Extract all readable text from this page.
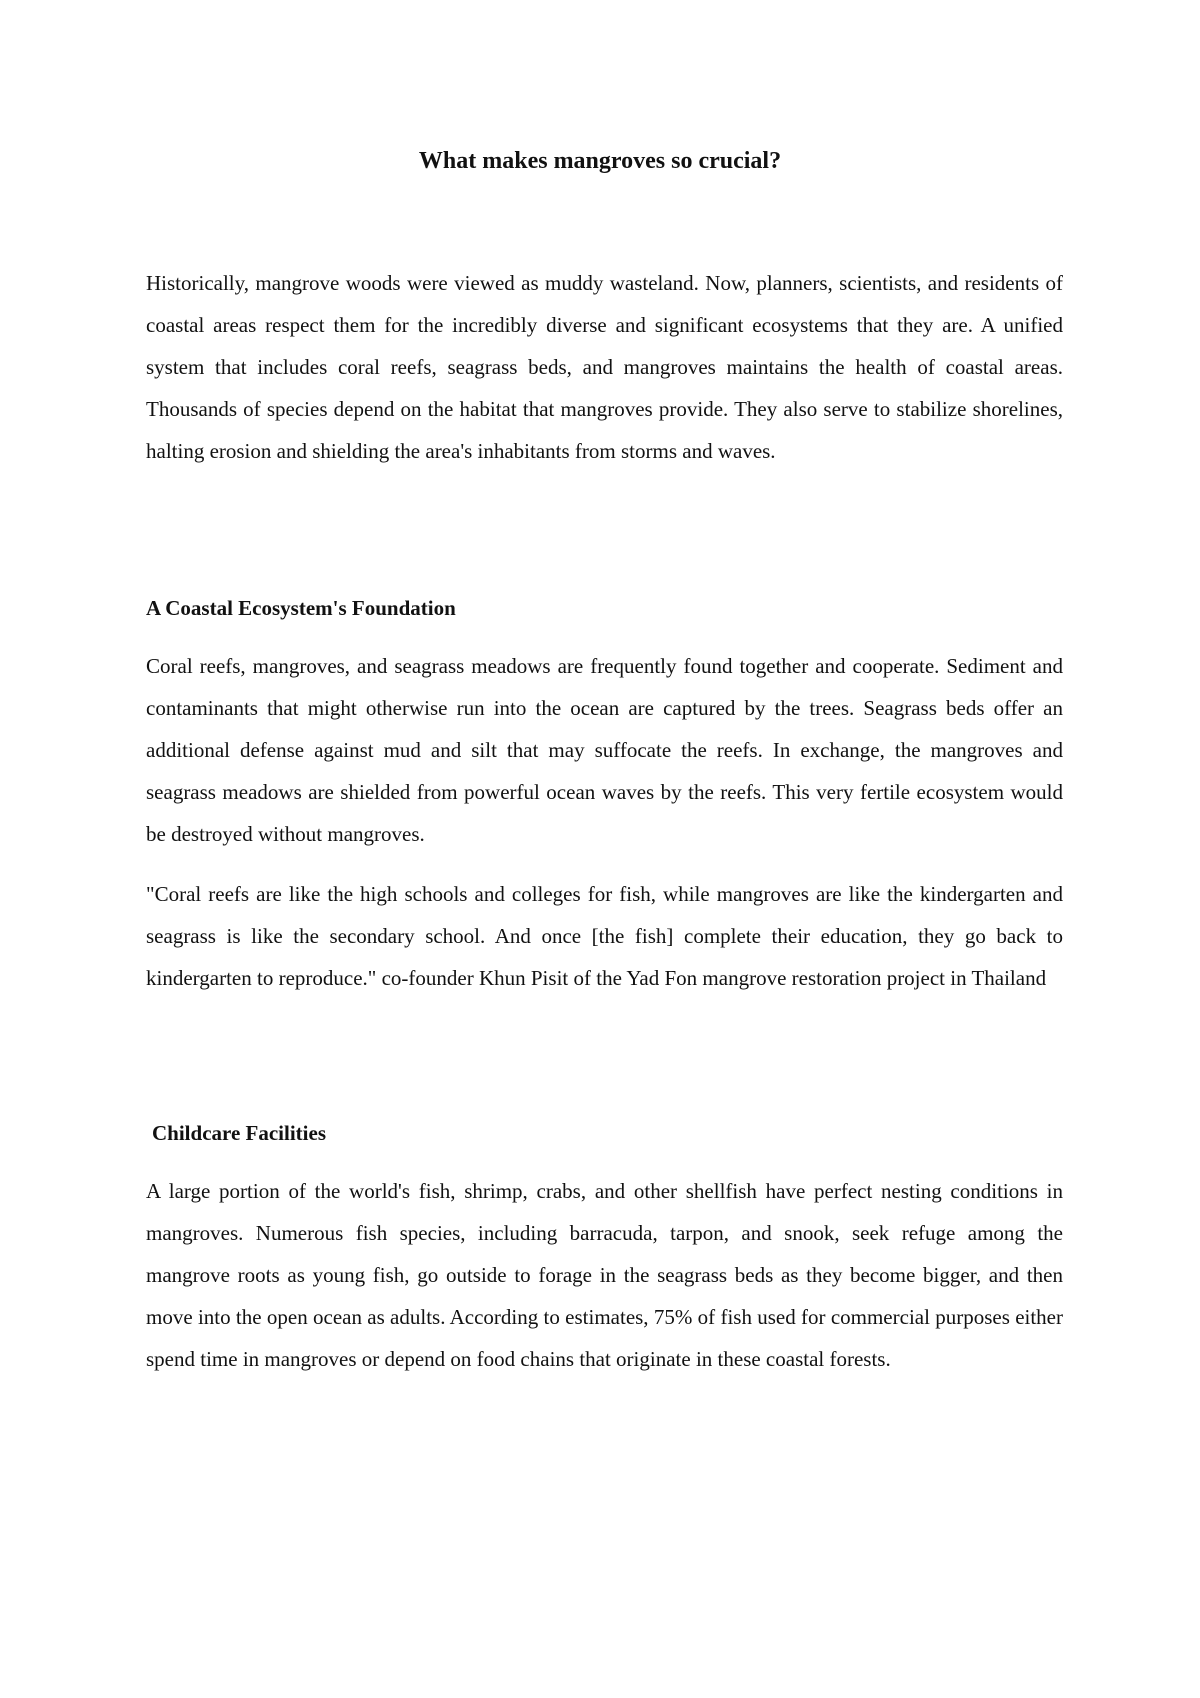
What makes mangroves so crucial?

Historically, mangrove woods were viewed as muddy wasteland. Now, planners, scientists, and residents of coastal areas respect them for the incredibly diverse and significant ecosystems that they are. A unified system that includes coral reefs, seagrass beds, and mangroves maintains the health of coastal areas. Thousands of species depend on the habitat that mangroves provide. They also serve to stabilize shorelines, halting erosion and shielding the area's inhabitants from storms and waves.

A Coastal Ecosystem's Foundation

Coral reefs, mangroves, and seagrass meadows are frequently found together and cooperate. Sediment and contaminants that might otherwise run into the ocean are captured by the trees. Seagrass beds offer an additional defense against mud and silt that may suffocate the reefs. In exchange, the mangroves and seagrass meadows are shielded from powerful ocean waves by the reefs. This very fertile ecosystem would be destroyed without mangroves.

"Coral reefs are like the high schools and colleges for fish, while mangroves are like the kindergarten and seagrass is like the secondary school. And once [the fish] complete their education, they go back to kindergarten to reproduce." co-founder Khun Pisit of the Yad Fon mangrove restoration project in Thailand

Childcare Facilities

A large portion of the world's fish, shrimp, crabs, and other shellfish have perfect nesting conditions in mangroves. Numerous fish species, including barracuda, tarpon, and snook, seek refuge among the mangrove roots as young fish, go outside to forage in the seagrass beds as they become bigger, and then move into the open ocean as adults. According to estimates, 75% of fish used for commercial purposes either spend time in mangroves or depend on food chains that originate in these coastal forests.
